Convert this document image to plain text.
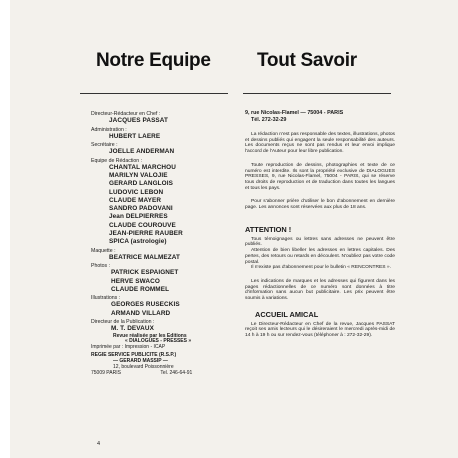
Notre Equipe Tout Savoir
Directeur-Rédacteur en Chef :
JACQUES PASSAT
Administration :
HUBERT LAERE
Secrétaire :
JOELLE ANDERMAN
Equipe de Rédaction :
CHANTAL MARCHOU
MARILYN VALOJIE
GERARD LANGLOIS
LUDOVIC LEBON
CLAUDE MAYER
SANDRO PADOVANI
Jean DELPIERRES
CLAUDE COUROUVE
JEAN-PIERRE RAUBER
SPICA (astrologie)
Maquette :
BEATRICE MALMEZAT
Photos :
PATRICK ESPAIGNET
HERVE SWACO
CLAUDE ROMMEL
Illustrations :
GEORGES RUSECKIS
ARMAND VILLARD
Directeur de la Publication :
M. T. DEVAUX
Revue réalisée par les Editions
« DIALOGUES - PRESSES »
Imprimée par : Impression - ICAP
REGIE SERVICE PUBLICITE (R.S.P.)
— GERARD MASSIP —
12, boulevard Poissonnière
75009 PARIS	Tel. 246-64-91
9, rue Nicolas-Flamel — 75004 - PARIS
Tél. 272-32-29
La rédaction n'est pas responsable des textes, illustrations, photos et dessins publiés qui engagent la seule responsabilité des auteurs. Les documents reçus ne sont pas rendus et leur envoi implique l'accord de l'Auteur pour leur libre publication.
Toute reproduction de dessins, photographies et texte de ce numéro est interdite. Ils sont la propriété exclusive de DIALOGUES PRESSES, 9, rue Nicolas-Flamel, 75004 - PARIS, qui se réserve tous droits de reproduction et de traduction dans toutes les langues et tous les pays.
Pour s'abonner prière d'utiliser le bon d'abonnement en dernière page. Les annonces sont réservées aux plus de 18 ans.
ATTENTION !
Tous témoignages ou lettres sans adresses ne peuvent être publiés.
Attention de bien libeller les adresses en lettres capitales. Des pertes, des retours ou retards en découlent. N'oubliez pas votre code postal.
Il n'existe pas d'abonnement pour le bulletin « RENCONTRES ».
Les indications de marques et les adresses qui figurent dans les pages rédactionnelles de ce numéro sont données à titre d'information sans aucun but publicitaire. Les prix peuvent être soumis à variations.
ACCUEIL AMICAL
Le Directeur-Rédacteur en Chef de la revue, Jacques PASSAT reçoit ses amis lecteurs qui le désireraient le mercredi après-midi de 14 h à 19 h ou sur rendez-vous (téléphoner à : 272-32-29).
4
